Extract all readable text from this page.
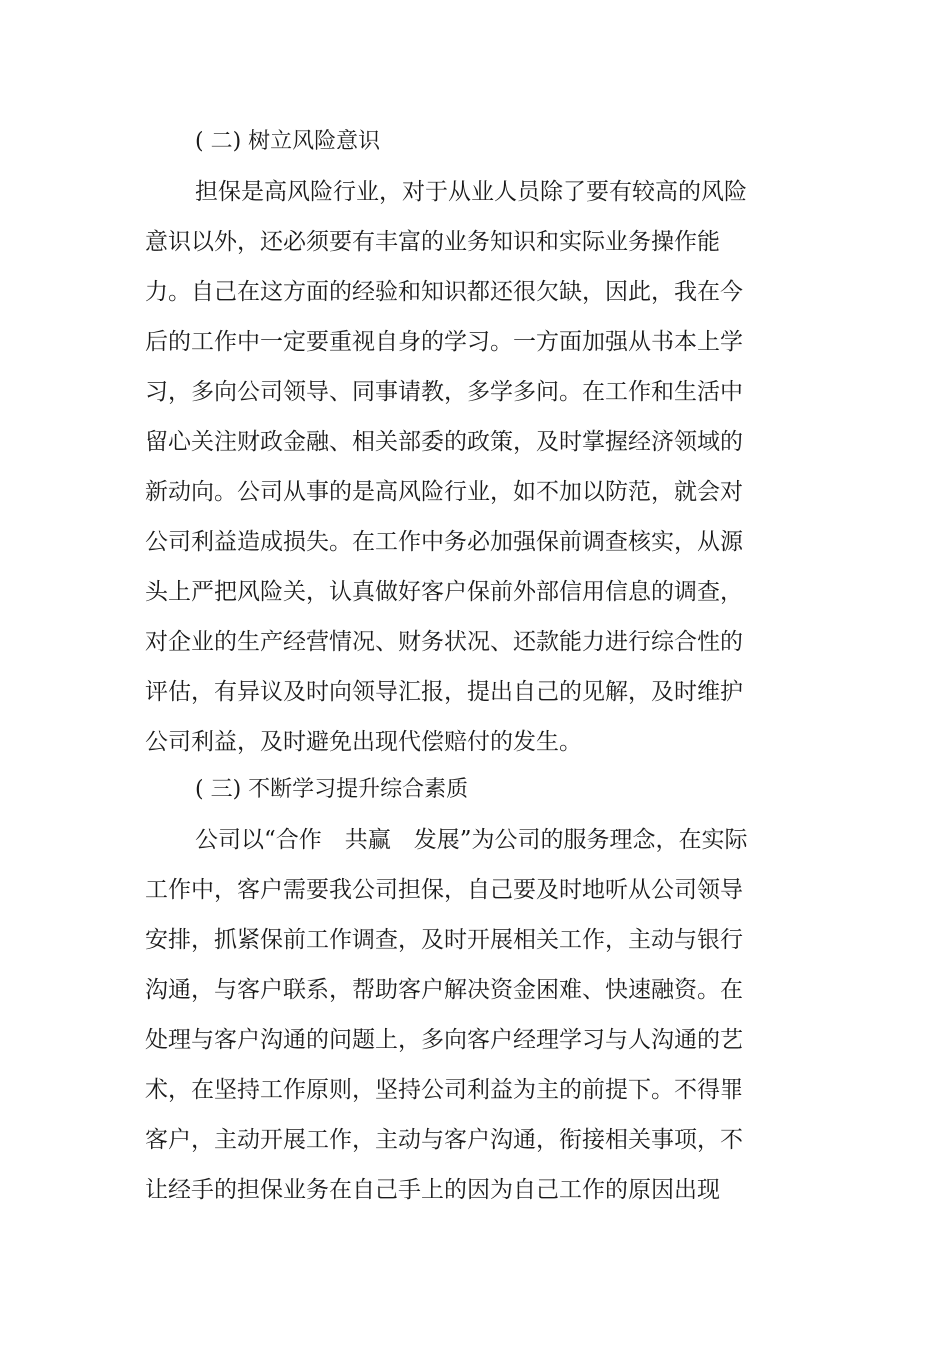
( 二) 树立风险意识
担保是高风险行业，对于从业人员除了要有较高的风险
意识以外，还必须要有丰富的业务知识和实际业务操作能
力。自己在这方面的经验和知识都还很欠缺，因此，我在今
后的工作中一定要重视自身的学习。一方面加强从书本上学
习，多向公司领导、同事请教，多学多问。在工作和生活中
留心关注财政金融、相关部委的政策，及时掌握经济领域的
新动向。公司从事的是高风险行业，如不加以防范，就会对
公司利益造成损失。在工作中务必加强保前调查核实，从源
头上严把风险关，认真做好客户保前外部信用信息的调查，
对企业的生产经营情况、财务状况、还款能力进行综合性的
评估，有异议及时向领导汇报，提出自己的见解，及时维护
公司利益，及时避免出现代偿赔付的发生。
( 三) 不断学习提升综合素质
公司以“合作　共赢　发展”为公司的服务理念，在实际
工作中，客户需要我公司担保，自己要及时地听从公司领导
安排，抓紧保前工作调查，及时开展相关工作，主动与银行
沟通，与客户联系，帮助客户解决资金困难、快速融资。在
处理与客户沟通的问题上，多向客户经理学习与人沟通的艺
术，在坚持工作原则，坚持公司利益为主的前提下。不得罪
客户，主动开展工作，主动与客户沟通，衔接相关事项，不
让经手的担保业务在自己手上的因为自己工作的原因出现
